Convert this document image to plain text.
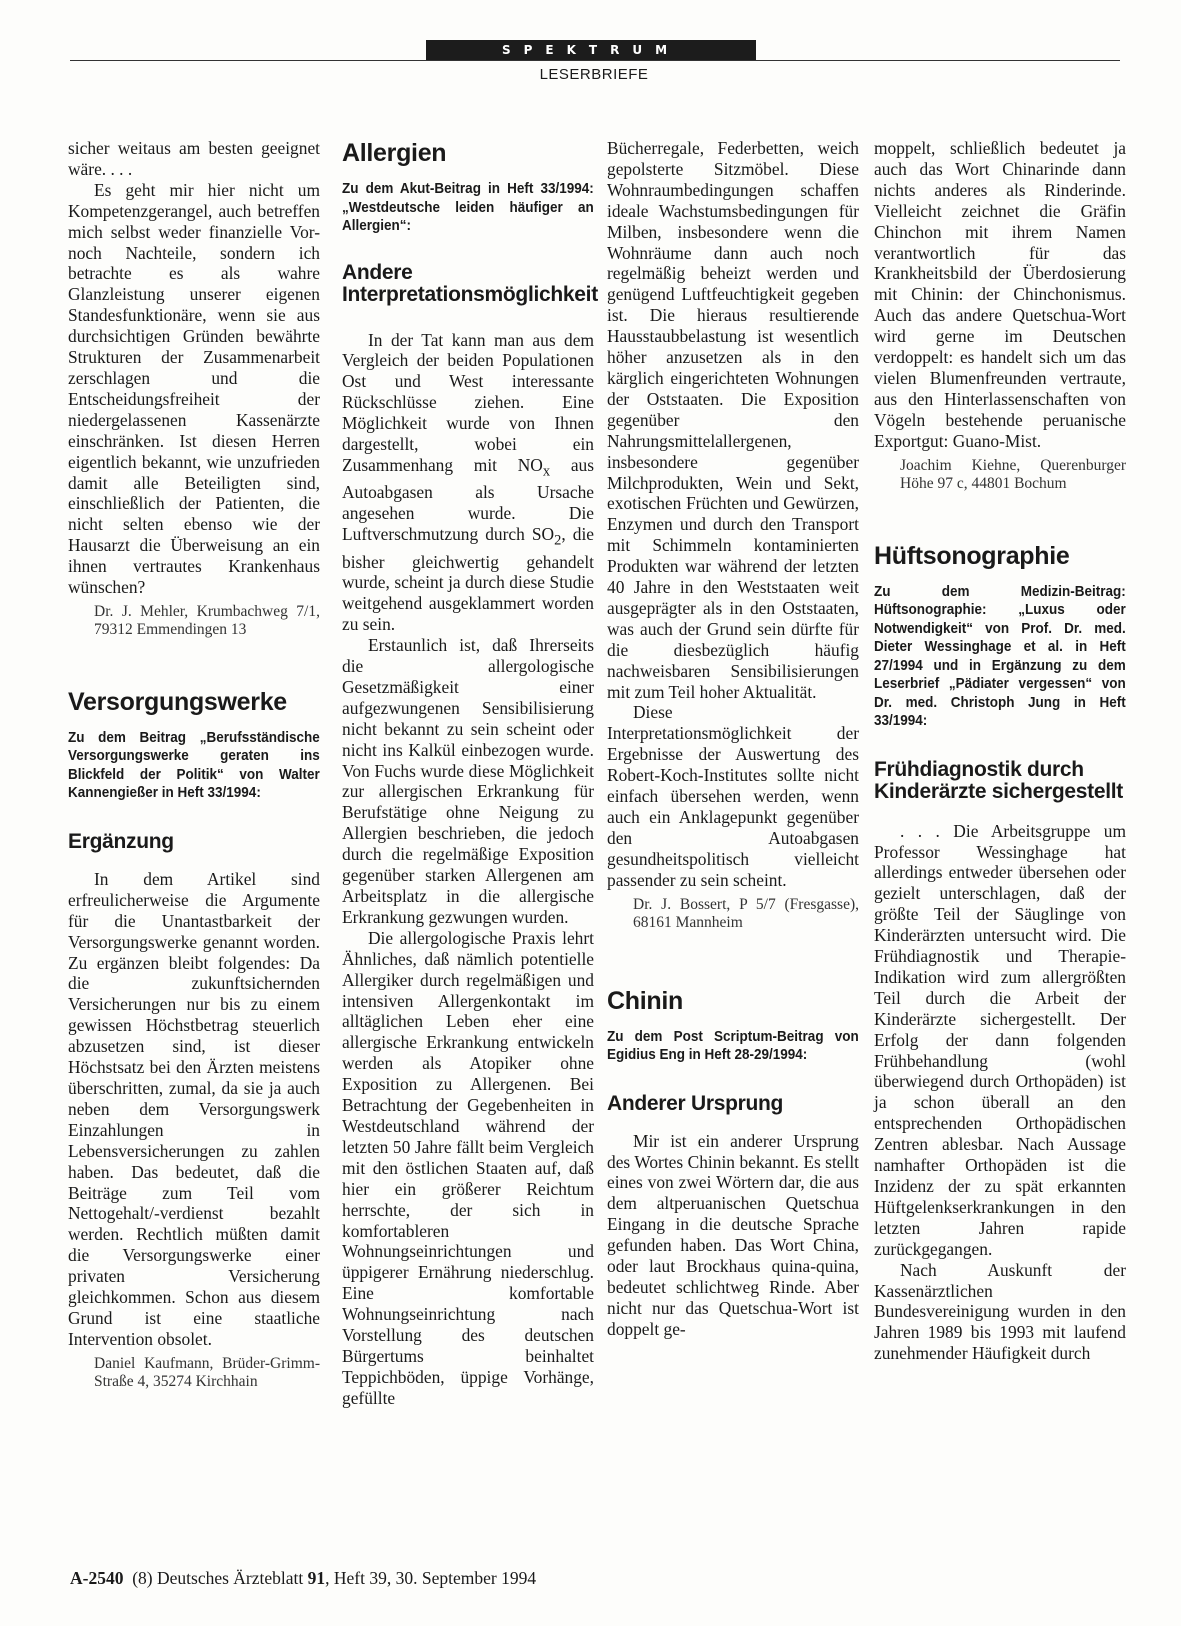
SPEKTRUM
LESERBRIEFE

sicher weitaus am besten geeignet wäre. . . .

Es geht mir hier nicht um Kompetenzgerangel, auch betreffen mich selbst weder finanzielle Vor- noch Nachteile, sondern ich betrachte es als wahre Glanzleistung unserer eigenen Standesfunktionäre, wenn sie aus durchsichtigen Gründen bewährte Strukturen der Zusammenarbeit zerschlagen und die Entscheidungsfreiheit der niedergelassenen Kassenärzte einschränken. Ist diesen Herren eigentlich bekannt, wie unzufrieden damit alle Beteiligten sind, einschließlich der Patienten, die nicht selten ebenso wie der Hausarzt die Überweisung an ein ihnen vertrautes Krankenhaus wünschen?

Dr. J. Mehler, Krumbachweg 7/1, 79312 Emmendingen 13

Versorgungswerke

Zu dem Beitrag „Berufsständische Versorgungswerke geraten ins Blickfeld der Politik“ von Walter Kannengießer in Heft 33/1994:

Ergänzung

In dem Artikel sind erfreulicherweise die Argumente für die Unantastbarkeit der Versorgungswerke genannt worden. Zu ergänzen bleibt folgendes: Da die zukunftsichernden Versicherungen nur bis zu einem gewissen Höchstbetrag steuerlich abzusetzen sind, ist dieser Höchstsatz bei den Ärzten meistens überschritten, zumal, da sie ja auch neben dem Versorgungswerk Einzahlungen in Lebensversicherungen zu zahlen haben. Das bedeutet, daß die Beiträge zum Teil vom Nettogehalt/-verdienst bezahlt werden. Rechtlich müßten damit die Versorgungswerke einer privaten Versicherung gleichkommen. Schon aus diesem Grund ist eine staatliche Intervention obsolet.

Daniel Kaufmann, Brüder-Grimm-Straße 4, 35274 Kirchhain

Allergien

Zu dem Akut-Beitrag in Heft 33/1994: „Westdeutsche leiden häufiger an Allergien“:

Andere Interpretationsmöglichkeit

In der Tat kann man aus dem Vergleich der beiden Populationen Ost und West interessante Rückschlüsse ziehen. Eine Möglichkeit wurde von Ihnen dargestellt, wobei ein Zusammenhang mit $NO_x$ aus Autoabgasen als Ursache angesehen wurde. Die Luftverschmutzung durch $SO_2$, die bisher gleichwertig gehandelt wurde, scheint ja durch diese Studie weitgehend ausgeklammert worden zu sein.

Erstaunlich ist, daß Ihrerseits die allergologische Gesetzmäßigkeit einer aufgezwungenen Sensibilisierung nicht bekannt zu sein scheint oder nicht ins Kalkül einbezogen wurde. Von Fuchs wurde diese Möglichkeit zur allergischen Erkrankung für Berufstätige ohne Neigung zu Allergien beschrieben, die jedoch durch die regelmäßige Exposition gegenüber starken Allergenen am Arbeitsplatz in die allergische Erkrankung gezwungen wurden.

Die allergologische Praxis lehrt Ähnliches, daß nämlich potentielle Allergiker durch regelmäßigen und intensiven Allergenkontakt im alltäglichen Leben eher eine allergische Erkrankung entwickeln werden als Atopiker ohne Exposition zu Allergenen. Bei Betrachtung der Gegebenheiten in Westdeutschland während der letzten 50 Jahre fällt beim Vergleich mit den östlichen Staaten auf, daß hier ein größerer Reichtum herrschte, der sich in komfortableren Wohnungseinrichtungen und üppigerer Ernährung niederschlug. Eine komfortable Wohnungseinrichtung nach Vorstellung des deutschen Bürgertums beinhaltet Teppichböden, üppige Vorhänge, gefüllte

Bücherregale, Federbetten, weich gepolsterte Sitzmöbel. Diese Wohnraumbedingungen schaffen ideale Wachstumsbedingungen für Milben, insbesondere wenn die Wohnräume dann auch noch regelmäßig beheizt werden und genügend Luftfeuchtigkeit gegeben ist. Die hieraus resultierende Hausstaubbelastung ist wesentlich höher anzusetzen als in den kärglich eingerichteten Wohnungen der Oststaaten. Die Exposition gegenüber den Nahrungsmittelallergenen, insbesondere gegenüber Milchprodukten, Wein und Sekt, exotischen Früchten und Gewürzen, Enzymen und durch den Transport mit Schimmeln kontaminierten Produkten war während der letzten 40 Jahre in den Weststaaten weit ausgeprägter als in den Oststaaten, was auch der Grund sein dürfte für die diesbezüglich häufig nachweisbaren Sensibilisierungen mit zum Teil hoher Aktualität.

Diese Interpretationsmöglichkeit der Ergebnisse der Auswertung des Robert-Koch-Institutes sollte nicht einfach übersehen werden, wenn auch ein Anklagepunkt gegenüber den Autoabgasen gesundheitspolitisch vielleicht passender zu sein scheint.

Dr. J. Bossert, P 5/7 (Fresgasse), 68161 Mannheim

Chinin

Zu dem Post Scriptum-Beitrag von Egidius Eng in Heft 28-29/1994:

Anderer Ursprung

Mir ist ein anderer Ursprung des Wortes Chinin bekannt. Es stellt eines von zwei Wörtern dar, die aus dem altperuanischen Quetschua Eingang in die deutsche Sprache gefunden haben. Das Wort China, oder laut Brockhaus quina-quina, bedeutet schlichtweg Rinde. Aber nicht nur das Quetschua-Wort ist doppelt ge-

moppelt, schließlich bedeutet ja auch das Wort Chinarinde dann nichts anderes als Rinderinde. Vielleicht zeichnet die Gräfin Chinchon mit ihrem Namen verantwortlich für das Krankheitsbild der Überdosierung mit Chinin: der Chinchonismus. Auch das andere Quetschua-Wort wird gerne im Deutschen verdoppelt: es handelt sich um das vielen Blumenfreunden vertraute, aus den Hinterlassenschaften von Vögeln bestehende peruanische Exportgut: Guano-Mist.

Joachim Kiehne, Querenburger Höhe 97 c, 44801 Bochum

Hüftsonographie

Zu dem Medizin-Beitrag: Hüftsonographie: „Luxus oder Notwendigkeit“ von Prof. Dr. med. Dieter Wessinghage et al. in Heft 27/1994 und in Ergänzung zu dem Leserbrief „Pädiater vergessen“ von Dr. med. Christoph Jung in Heft 33/1994:

Frühdiagnostik durch Kinderärzte sichergestellt

. . . Die Arbeitsgruppe um Professor Wessinghage hat allerdings entweder übersehen oder gezielt unterschlagen, daß der größte Teil der Säuglinge von Kinderärzten untersucht wird. Die Frühdiagnostik und Therapie-Indikation wird zum allergrößten Teil durch die Arbeit der Kinderärzte sichergestellt. Der Erfolg der dann folgenden Frühbehandlung (wohl überwiegend durch Orthopäden) ist ja schon überall an den entsprechenden Orthopädischen Zentren ablesbar. Nach Aussage namhafter Orthopäden ist die Inzidenz der zu spät erkannten Hüftgelenkserkrankungen in den letzten Jahren rapide zurückgegangen.

Nach Auskunft der Kassenärztlichen Bundesvereinigung wurden in den Jahren 1989 bis 1993 mit laufend zunehmender Häufigkeit durch

A-2540 (8) Deutsches Ärzteblatt 91, Heft 39, 30. September 1994
